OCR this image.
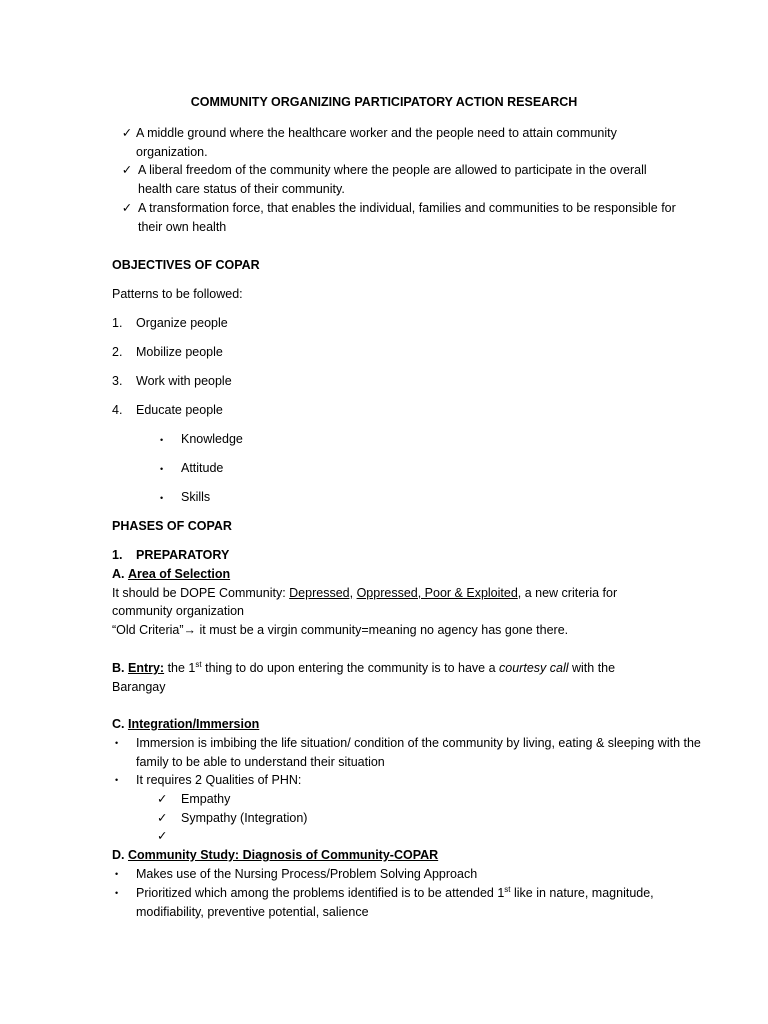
COMMUNITY ORGANIZING PARTICIPATORY ACTION RESEARCH
✓ A middle ground where the healthcare worker and the people need to attain community organization.
✓ A liberal freedom of the community where the people are allowed to participate in the overall health care status of their community.
✓ A transformation force, that enables the individual, families and communities to be responsible for their own health
OBJECTIVES OF COPAR
Patterns to be followed:
1. Organize people
2. Mobilize people
3. Work with people
4. Educate people
• Knowledge
• Attitude
• Skills
PHASES OF COPAR
1. PREPARATORY
A. Area of Selection
It should be DOPE Community: Depressed, Oppressed, Poor & Exploited, a new criteria for
community organization
“Old Criteria”→ it must be a virgin community=meaning no agency has gone there.
B. Entry: the 1st thing to do upon entering the community is to have a courtesy call with the
Barangay
C. Integration/Immersion
• Immersion is imbibing the life situation/ condition of the community by living, eating & sleeping with the family to be able to understand their situation
• It requires 2 Qualities of PHN:
✓ Empathy
✓ Sympathy (Integration)
✓
D. Community Study: Diagnosis of Community-COPAR
• Makes use of the Nursing Process/Problem Solving Approach
• Prioritized which among the problems identified is to be attended 1st like in nature, magnitude,
modifiability, preventive potential, salience
